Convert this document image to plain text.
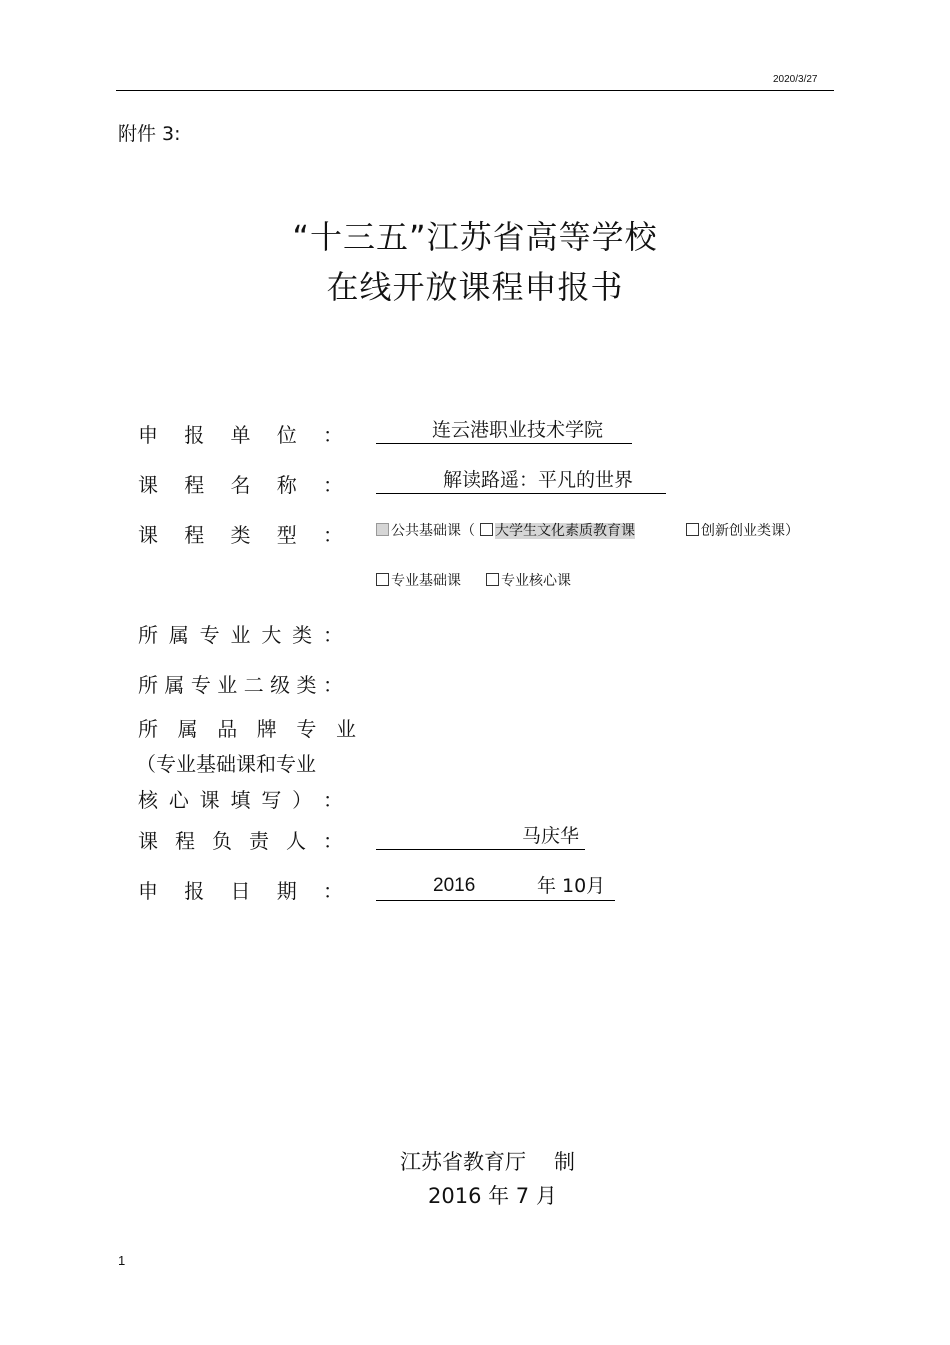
2020/3/27
附件 3:
“十三五”江苏省高等学校
在线开放课程申报书
申 报 单 位 ：	连云港职业技术学院
课 程 名 称 ：	解读路遥：平凡的世界
课 程 类 型 ：	公共基础课（	大学生文化素质教育课	创新创业类课）
专业基础课	专业核心课
所 属 专 业 大 类 ：
所 属 专 业 二 级 类 ：
所 属 品 牌 专 业
（专业基础课和专业
核 心 课 填 写 ） ：
课 程 负 责 人 ：	马庆华
申 报 日 期 ：	2016	年 10月
江苏省教育厅 制
2016 年 7 月
1
